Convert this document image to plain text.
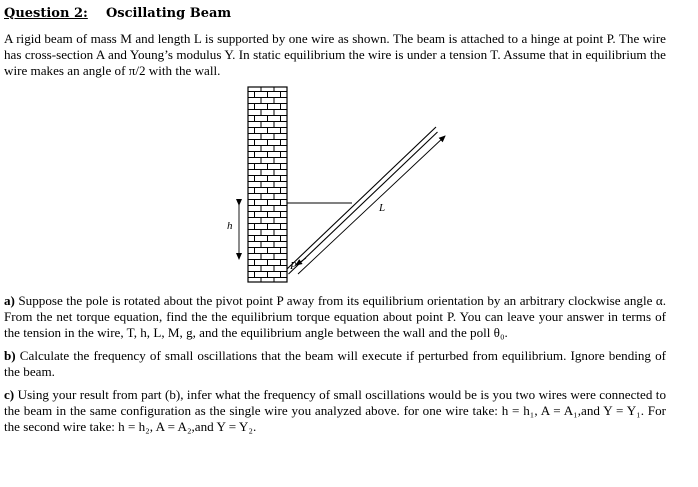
Question 2: Oscillating Beam

A rigid beam of mass M and length L is supported by one wire as shown. The beam is attached to a hinge at point P. The wire has cross-section A and Young’s modulus Y. In static equilibrium the wire is under a tension T. Assume that in equilibrium the wire makes an angle of π/2 with the wall.

L
h
P

a) Suppose the pole is rotated about the pivot point P away from its equilibrium orientation by an arbitrary clockwise angle α. From the net torque equation, find the the equilibrium torque equation about point P. You can leave your answer in terms of the tension in the wire, T, h, L, M, g, and the equilibrium angle between the wall and the poll θ₀.

b) Calculate the frequency of small oscillations that the beam will execute if perturbed from equilibrium. Ignore bending of the beam.

c) Using your result from part (b), infer what the frequency of small oscillations would be is you two wires were connected to the beam in the same configuration as the single wire you analyzed above. for one wire take: h = h₁, A = A₁,and Y = Y₁. For the second wire take: h = h₂, A = A₂,and Y = Y₂.
